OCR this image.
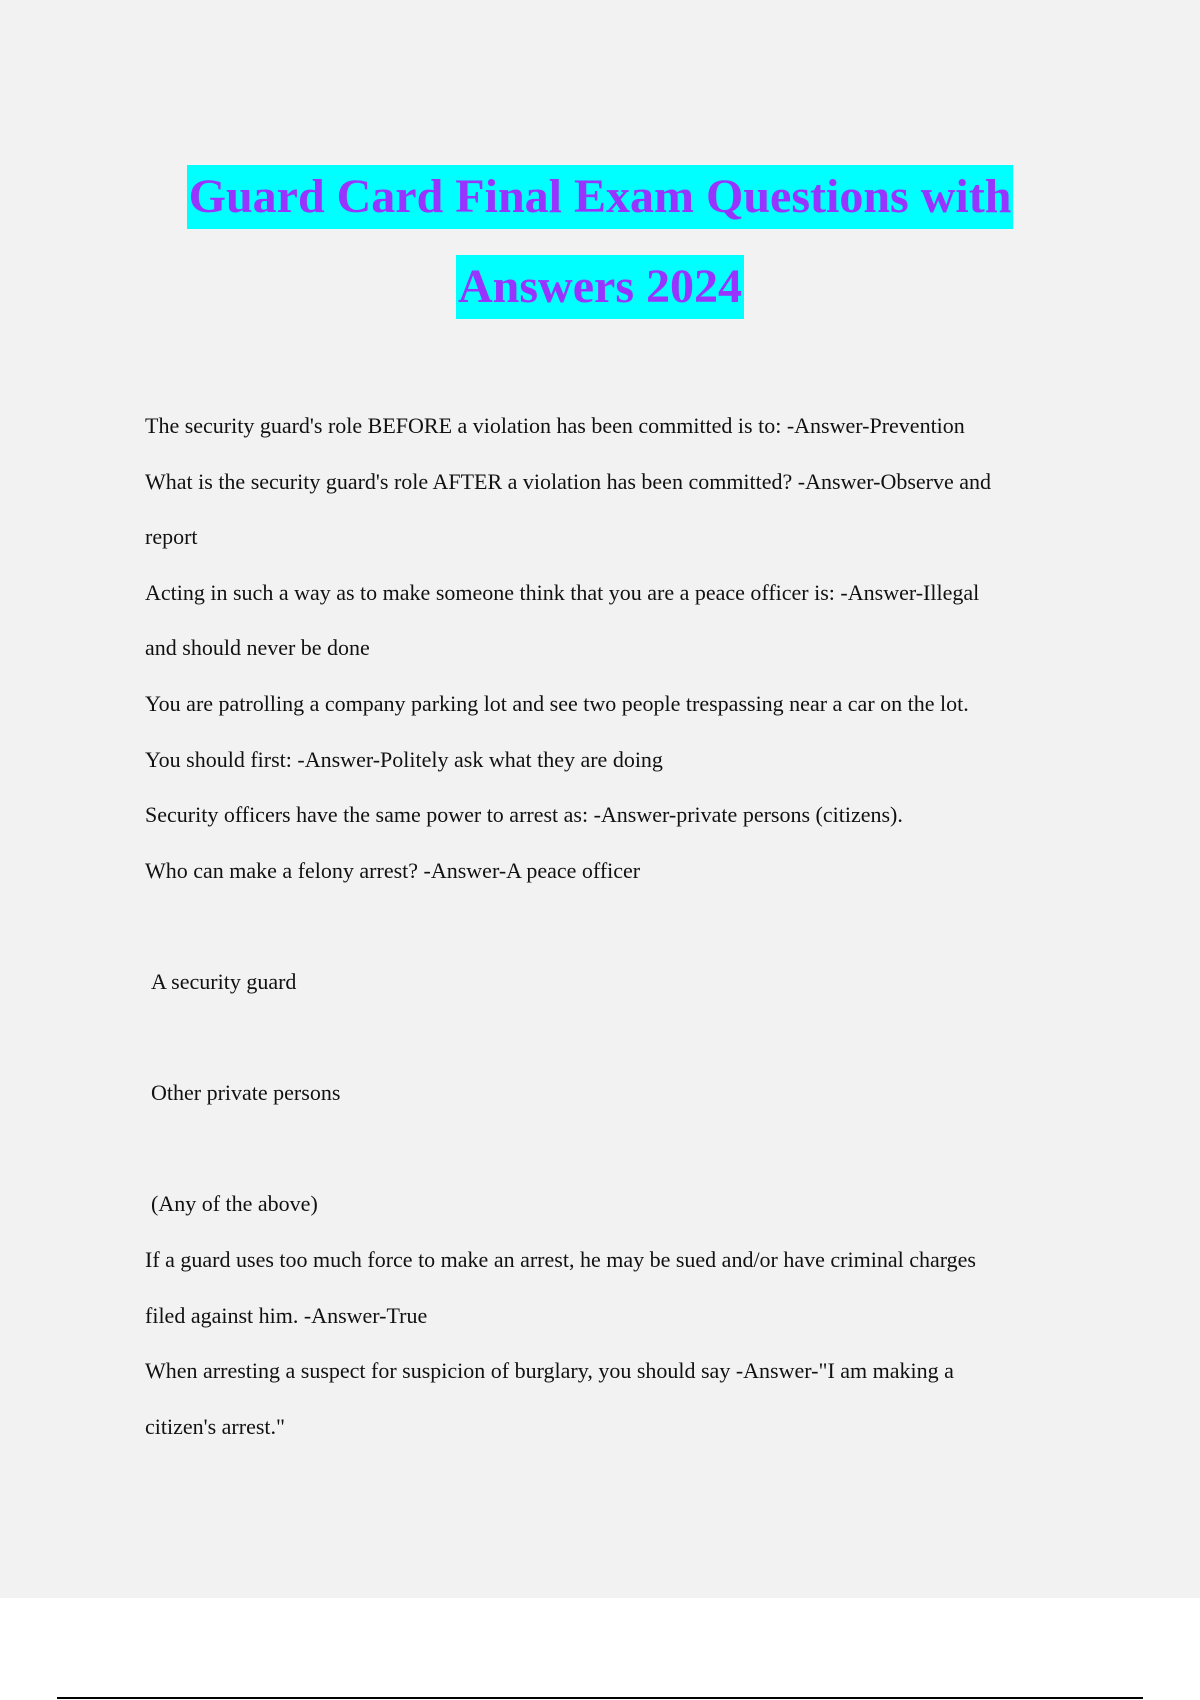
Guard Card Final Exam Questions with
Answers 2024
The security guard's role BEFORE a violation has been committed is to: -Answer-Prevention
What is the security guard's role AFTER a violation has been committed? -Answer-Observe and
report
Acting in such a way as to make someone think that you are a peace officer is: -Answer-Illegal
and should never be done
You are patrolling a company parking lot and see two people trespassing near a car on the lot.
You should first: -Answer-Politely ask what they are doing
Security officers have the same power to arrest as: -Answer-private persons (citizens).
Who can make a felony arrest? -Answer-A peace officer
A security guard
Other private persons
(Any of the above)
If a guard uses too much force to make an arrest, he may be sued and/or have criminal charges
filed against him. -Answer-True
When arresting a suspect for suspicion of burglary, you should say -Answer-"I am making a
citizen's arrest."
